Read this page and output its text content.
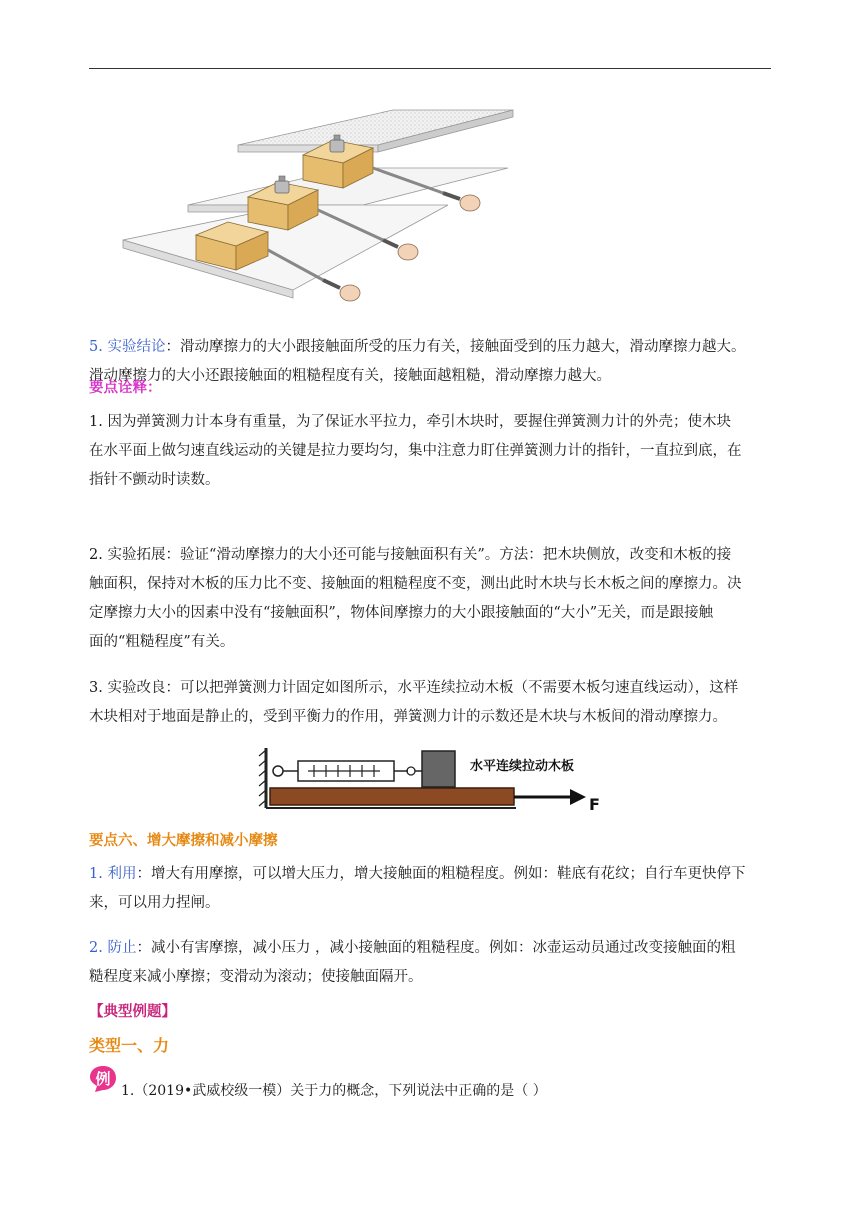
5. 实验结论：滑动摩擦力的大小跟接触面所受的压力有关，接触面受到的压力越大，滑动摩擦力越大。
滑动摩擦力的大小还跟接触面的粗糙程度有关，接触面越粗糙，滑动摩擦力越大。
要点诠释：
1. 因为弹簧测力计本身有重量，为了保证水平拉力，牵引木块时，要握住弹簧测力计的外壳；使木块
在水平面上做匀速直线运动的关键是拉力要均匀，集中注意力盯住弹簧测力计的指针，一直拉到底，在
指针不颤动时读数。
2. 实验拓展：验证“滑动摩擦力的大小还可能与接触面积有关”。方法：把木块侧放，改变和木板的接
触面积，保持对木板的压力比不变、接触面的粗糙程度不变，测出此时木块与长木板之间的摩擦力。决
定摩擦力大小的因素中没有“接触面积”，物体间摩擦力的大小跟接触面的“大小”无关，而是跟接触
面的“粗糙程度”有关。
3. 实验改良：可以把弹簧测力计固定如图所示，水平连续拉动木板（不需要木板匀速直线运动），这样
木块相对于地面是静止的，受到平衡力的作用，弹簧测力计的示数还是木块与木板间的滑动摩擦力。
水平连续拉动木板
F
要点六、增大摩擦和减小摩擦
1. 利用：增大有用摩擦，可以增大压力，增大接触面的粗糙程度。例如：鞋底有花纹；自行车更快停下
来，可以用力捏闸。
2. 防止：减小有害摩擦，减小压力 ，减小接触面的粗糙程度。例如：冰壶运动员通过改变接触面的粗
糙程度来减小摩擦；变滑动为滚动；使接触面隔开。
【典型例题】
类型一、力
例
1.（2019•武威校级一模）关于力的概念，下列说法中正确的是（ ）
